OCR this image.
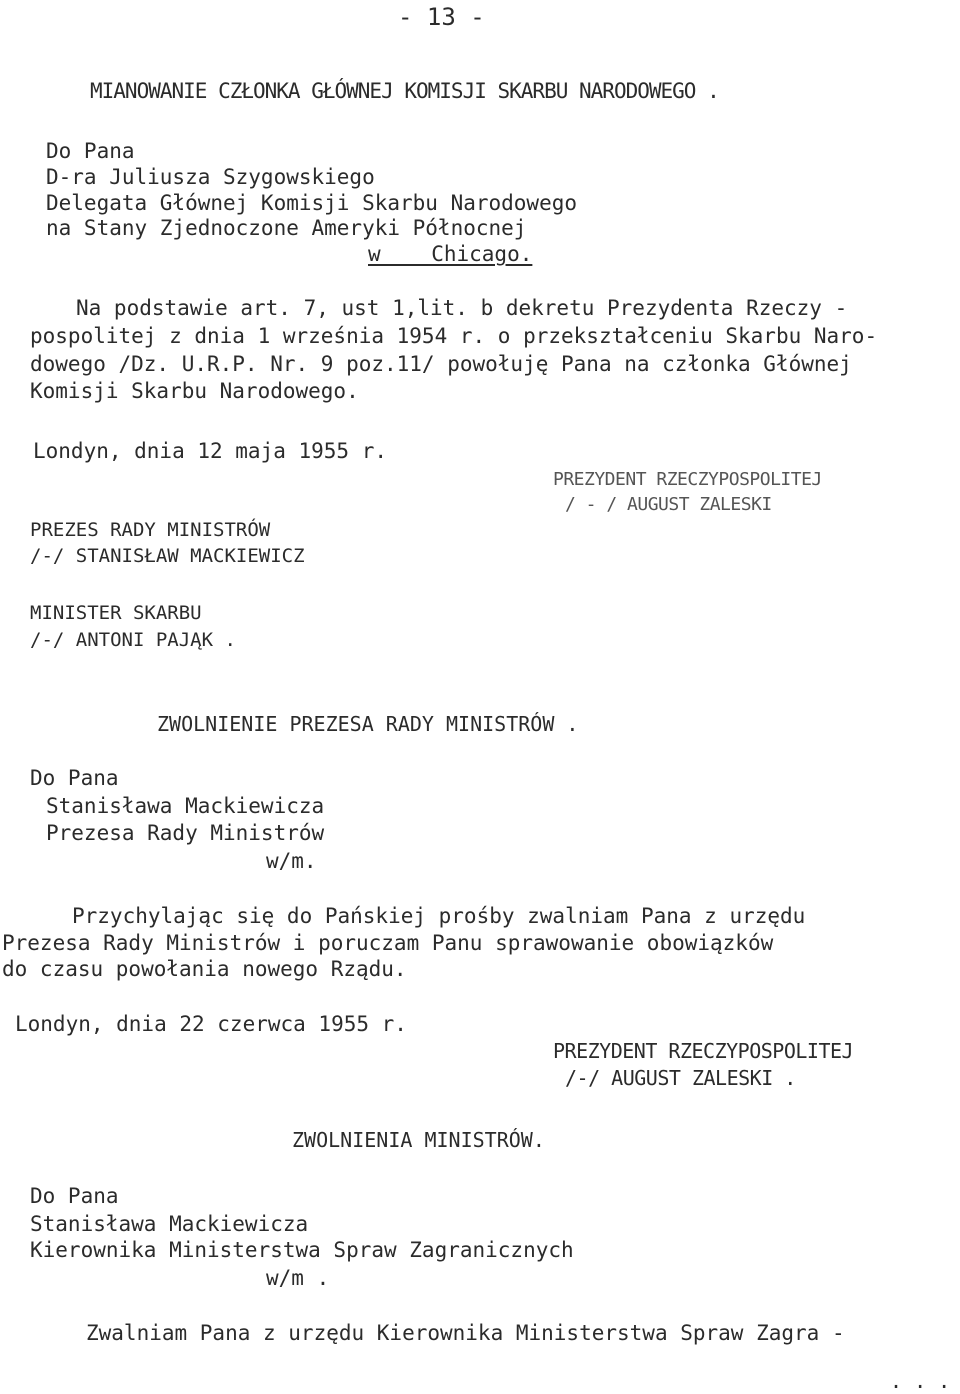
- 13 -
MIANOWANIE CZŁONKA GŁÓWNEJ KOMISJI SKARBU NARODOWEGO .
Do Pana
D-ra Juliusza Szygowskiego
Delegata Głównej Komisji Skarbu Narodowego
na Stany Zjednoczone Ameryki Północnej
w    Chicago.
Na podstawie art. 7, ust 1,lit. b dekretu Prezydenta Rzeczy -
pospolitej z dnia 1 września 1954 r. o przekształceniu Skarbu Naro-
dowego /Dz. U.R.P. Nr. 9 poz.11/ powołuję Pana na członka Głównej
Komisji Skarbu Narodowego.
Londyn, dnia 12 maja 1955 r.
PREZYDENT RZECZYPOSPOLITEJ
/ - / AUGUST ZALESKI
PREZES RADY MINISTRÓW
/-/ STANISŁAW MACKIEWICZ
MINISTER SKARBU
/-/ ANTONI PAJĄK .
ZWOLNIENIE PREZESA RADY MINISTRÓW .
Do Pana
Stanisława Mackiewicza
Prezesa Rady Ministrów
w/m.
Przychylając się do Pańskiej prośby zwalniam Pana z urzędu
Prezesa Rady Ministrów i poruczam Panu sprawowanie obowiązków
do czasu powołania nowego Rządu.
Londyn, dnia 22 czerwca 1955 r.
PREZYDENT RZECZYPOSPOLITEJ
/-/ AUGUST ZALESKI .
ZWOLNIENIA MINISTRÓW.
Do Pana
Stanisława Mackiewicza
Kierownika Ministerstwa Spraw Zagranicznych
w/m .
Zwalniam Pana z urzędu Kierownika Ministerstwa Spraw Zagra -
. . .
